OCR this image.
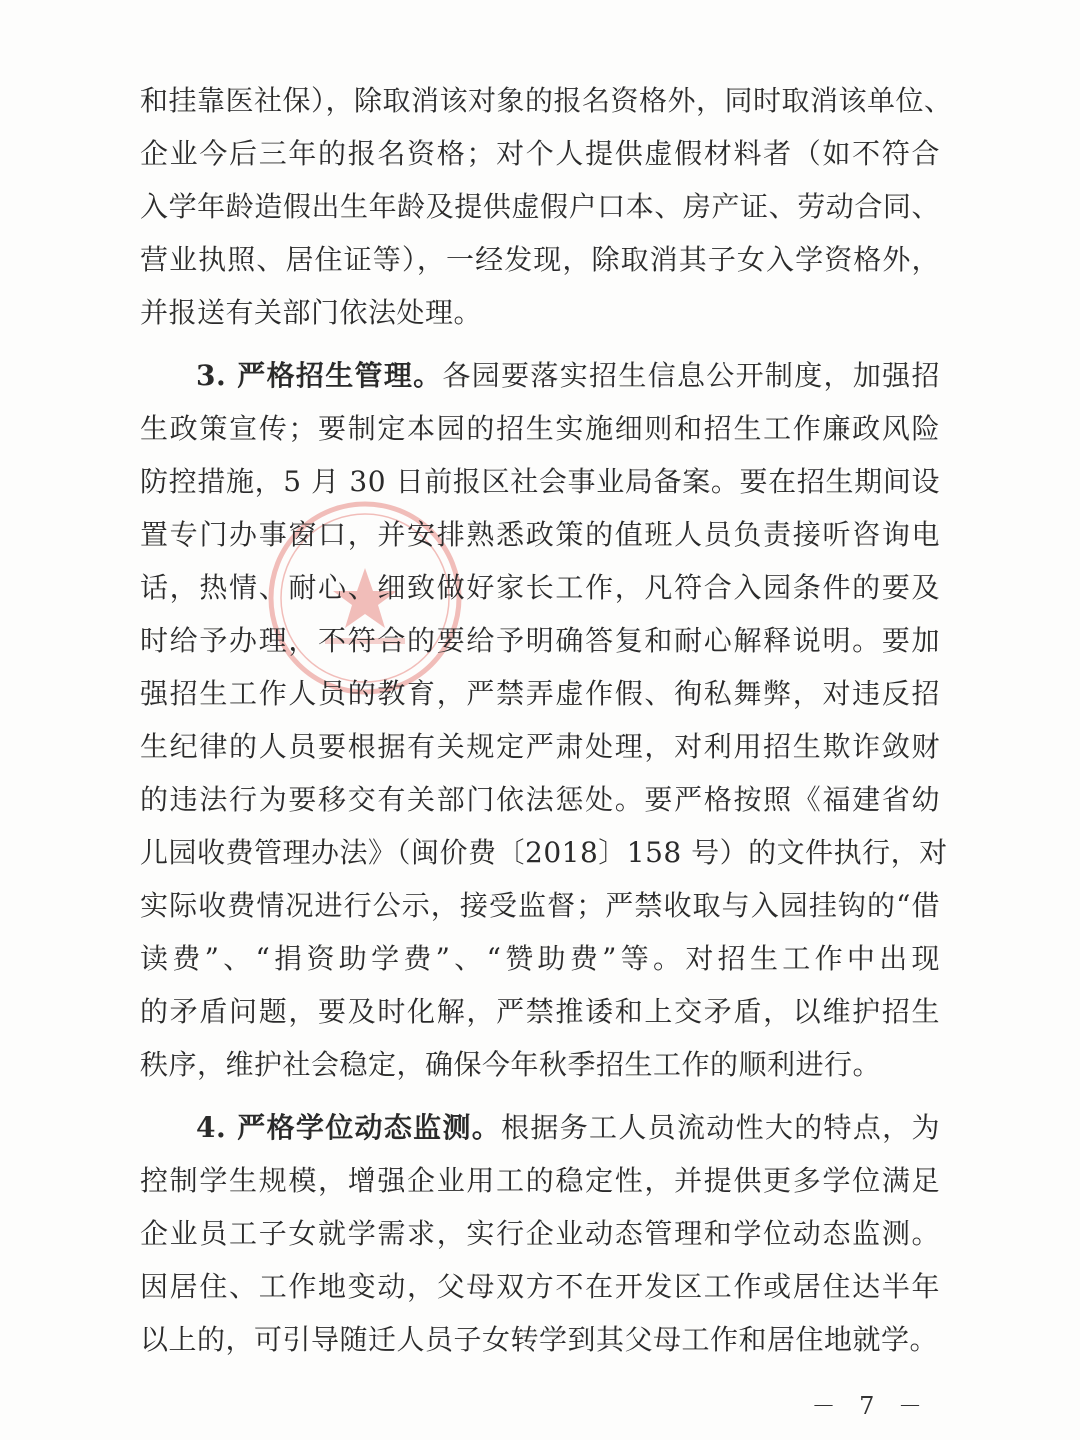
和挂靠医社保），除取消该对象的报名资格外，同时取消该单位、
企业今后三年的报名资格；对个人提供虚假材料者（如不符合
入学年龄造假出生年龄及提供虚假户口本、房产证、劳动合同、
营业执照、居住证等），一经发现，除取消其子女入学资格外，
并报送有关部门依法处理。
3. 严格招生管理。各园要落实招生信息公开制度，加强招
生政策宣传；要制定本园的招生实施细则和招生工作廉政风险
防控措施，5 月 30 日前报区社会事业局备案。要在招生期间设
置专门办事窗口，并安排熟悉政策的值班人员负责接听咨询电
话，热情、耐心、细致做好家长工作，凡符合入园条件的要及
时给予办理，不符合的要给予明确答复和耐心解释说明。要加
强招生工作人员的教育，严禁弄虚作假、徇私舞弊，对违反招
生纪律的人员要根据有关规定严肃处理，对利用招生欺诈敛财
的违法行为要移交有关部门依法惩处。要严格按照《福建省幼
儿园收费管理办法》（闽价费〔2018〕158 号）的文件执行，对
实际收费情况进行公示，接受监督；严禁收取与入园挂钩的“借
读费”、“捐资助学费”、“赞助费”等。对招生工作中出现
的矛盾问题，要及时化解，严禁推诿和上交矛盾，以维护招生
秩序，维护社会稳定，确保今年秋季招生工作的顺利进行。
4. 严格学位动态监测。根据务工人员流动性大的特点，为
控制学生规模，增强企业用工的稳定性，并提供更多学位满足
企业员工子女就学需求，实行企业动态管理和学位动态监测。
因居住、工作地变动，父母双方不在开发区工作或居住达半年
以上的，可引导随迁人员子女转学到其父母工作和居住地就学。
－ 7 －
